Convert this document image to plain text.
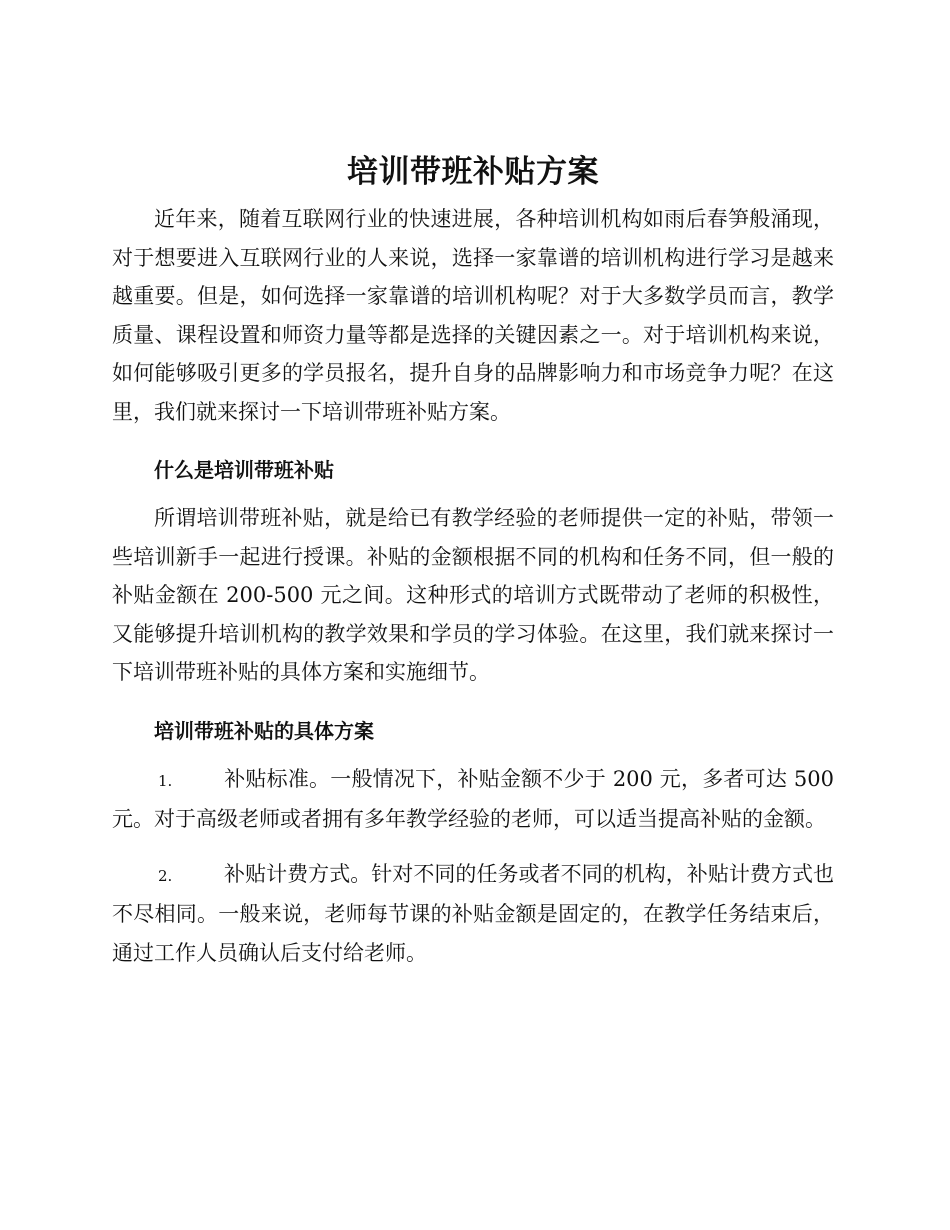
培训带班补贴方案

近年来，随着互联网行业的快速进展，各种培训机构如雨后春笋般涌现，对于想要进入互联网行业的人来说，选择一家靠谱的培训机构进行学习是越来越重要。但是，如何选择一家靠谱的培训机构呢？对于大多数学员而言，教学质量、课程设置和师资力量等都是选择的关键因素之一。对于培训机构来说，如何能够吸引更多的学员报名，提升自身的品牌影响力和市场竞争力呢？在这里，我们就来探讨一下培训带班补贴方案。

什么是培训带班补贴

所谓培训带班补贴，就是给已有教学经验的老师提供一定的补贴，带领一些培训新手一起进行授课。补贴的金额根据不同的机构和任务不同，但一般的补贴金额在 200-500 元之间。这种形式的培训方式既带动了老师的积极性，又能够提升培训机构的教学效果和学员的学习体验。在这里，我们就来探讨一下培训带班补贴的具体方案和实施细节。

培训带班补贴的具体方案

1. 补贴标准。一般情况下，补贴金额不少于 200 元，多者可达 500 元。对于高级老师或者拥有多年教学经验的老师，可以适当提高补贴的金额。

2. 补贴计费方式。针对不同的任务或者不同的机构，补贴计费方式也不尽相同。一般来说，老师每节课的补贴金额是固定的，在教学任务结束后，通过工作人员确认后支付给老师。
